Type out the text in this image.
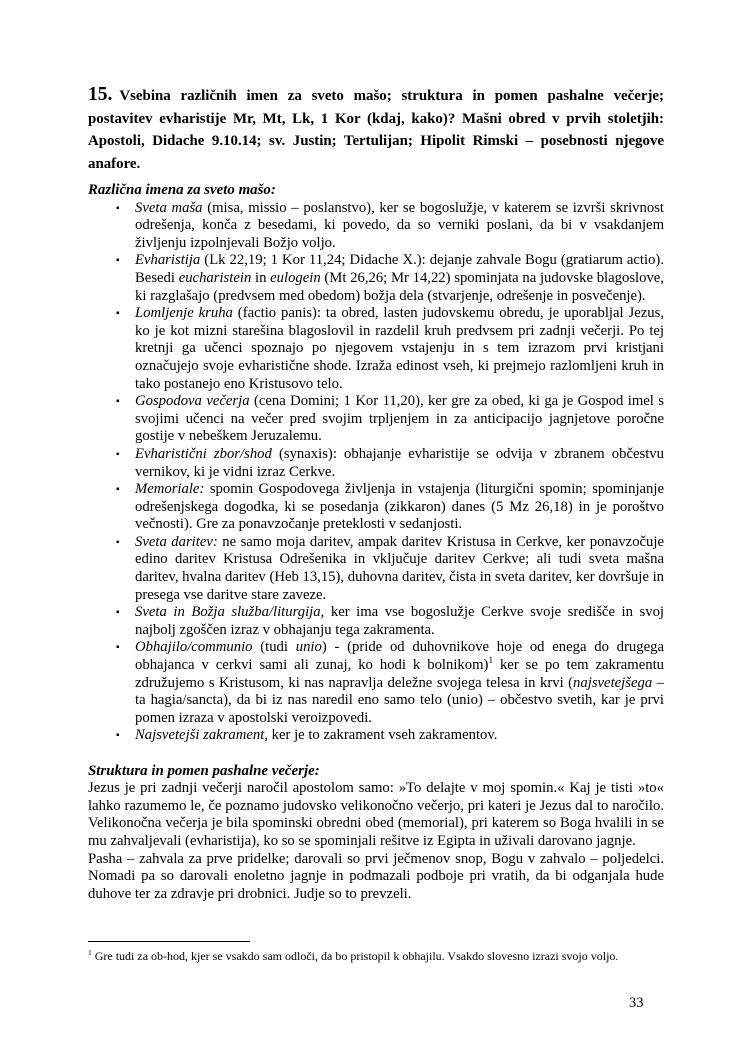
15. Vsebina različnih imen za sveto mašo; struktura in pomen pashalne večerje; postavitev evharistije Mr, Mt, Lk, 1 Kor (kdaj, kako)? Mašni obred v prvih stoletjih: Apostoli, Didache 9.10.14; sv. Justin; Tertulijan; Hipolit Rimski – posebnosti njegove anafore.

Različna imena za sveto mašo:
▪ Sveta maša (misa, missio – poslanstvo), ker se bogoslužje, v katerem se izvrši skrivnost odrešenja, konča z besedami, ki povedo, da so verniki poslani, da bi v vsakdanjem življenju izpolnjevali Božjo voljo.
▪ Evharistija (Lk 22,19; 1 Kor 11,24; Didache X.): dejanje zahvale Bogu (gratiarum actio). Besedi eucharistein in eulogein (Mt 26,26; Mr 14,22) spominjata na judovske blagoslove, ki razglašajo (predvsem med obedom) božja dela (stvarjenje, odrešenje in posvečenje).
▪ Lomljenje kruha (factio panis): ta obred, lasten judovskemu obredu, je uporabljal Jezus, ko je kot mizni starešina blagoslovil in razdelil kruh predvsem pri zadnji večerji. Po tej kretnji ga učenci spoznajo po njegovem vstajenju in s tem izrazom prvi kristjani označujejo svoje evharistične shode. Izraža edinost vseh, ki prejmejo razlomljeni kruh in tako postanejo eno Kristusovo telo.
▪ Gospodova večerja (cena Domini; 1 Kor 11,20), ker gre za obed, ki ga je Gospod imel s svojimi učenci na večer pred svojim trpljenjem in za anticipacijo jagnjetove poročne gostije v nebeškem Jeruzalemu.
▪ Evharistični zbor/shod (synaxis): obhajanje evharistije se odvija v zbranem občestvu vernikov, ki je vidni izraz Cerkve.
▪ Memoriale: spomin Gospodovega življenja in vstajenja (liturgični spomin; spominjanje odrešenjskega dogodka, ki se posedanja (zikkaron) danes (5 Mz 26,18) in je poroštvo večnosti). Gre za ponavzočanje preteklosti v sedanjosti.
▪ Sveta daritev: ne samo moja daritev, ampak daritev Kristusa in Cerkve, ker ponavzočuje edino daritev Kristusa Odrešenika in vključuje daritev Cerkve; ali tudi sveta mašna daritev, hvalna daritev (Heb 13,15), duhovna daritev, čista in sveta daritev, ker dovršuje in presega vse daritve stare zaveze.
▪ Sveta in Božja služba/liturgija, ker ima vse bogoslužje Cerkve svoje središče in svoj najbolj zgoščen izraz v obhajanju tega zakramenta.
▪ Obhajilo/communio (tudi unio) - (pride od duhovnikove hoje od enega do drugega obhajanca v cerkvi sami ali zunaj, ko hodi k bolnikom)$^1$ ker se po tem zakramentu združujemo s Kristusom, ki nas napravlja deležne svojega telesa in krvi (najsvetejšega – ta hagia/sancta), da bi iz nas naredil eno samo telo (unio) – občestvo svetih, kar je prvi pomen izraza v apostolski veroizpovedi.
▪ Najsvetejši zakrament, ker je to zakrament vseh zakramentov.
Struktura in pomen pashalne večerje:

Jezus je pri zadnji večerji naročil apostolom samo: »To delajte v moj spomin.« Kaj je tisti »to« lahko razumemo le, če poznamo judovsko velikonočno večerjo, pri kateri je Jezus dal to naročilo. Velikonočna večerja je bila spominski obredni obed (memorial), pri katerem so Boga hvalili in se mu zahvaljevali (evharistija), ko so se spominjali rešitve iz Egipta in uživali darovano jagnje.

Pasha – zahvala za prve pridelke; darovali so prvi ječmenov snop, Bogu v zahvalo – poljedelci. Nomadi pa so darovali enoletno jagnje in podmazali podboje pri vratih, da bi odganjala hude duhove ter za zdravje pri drobnici. Judje so to prevzeli.

$^1$ Gre tudi za ob-hod, kjer se vsakdo sam odloči, da bo pristopil k obhajilu. Vsakdo slovesno izrazi svojo voljo.
33
